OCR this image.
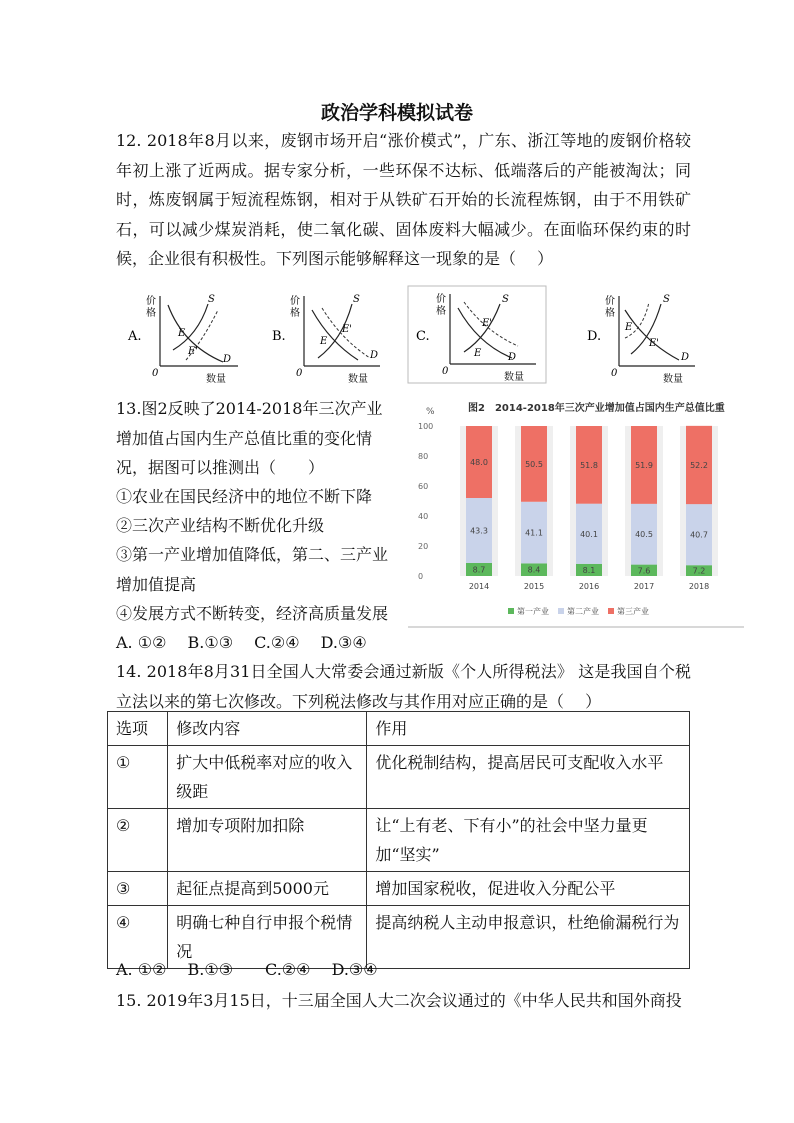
政治学科模拟试卷
12. 2018年8月以来，废钢市场开启“涨价模式”，广东、浙江等地的废钢价格较年初上涨了近两成。据专家分析，一些环保不达标、低端落后的产能被淘汰；同时，炼废钢属于短流程炼钢，相对于从铁矿石开始的长流程炼钢，由于不用铁矿石，可以减少煤炭消耗，使二氧化碳、固体废料大幅减少。在面临环保约束的时候，企业很有积极性。下列图示能够解释这一现象的是（　 ）
A.
价
格
0
数量
S
D
E
E'
B.
价
格
0
数量
S
D
E
E'	C.
价
格
0
数量
S
D
E
E'
D.
价
格
0
数量
S
D
E
E'
13.图2反映了2014-2018年三次产业增加值占国内生产总值比重的变化情况，据图可以推测出（　　）
①农业在国民经济中的地位不断下降
②三次产业结构不断优化升级
③第一产业增加值降低，第二、三产业增加值提高
④发展方式不断转变，经济高质量发展
A. ①②　 B.①③　 C.②④　 D.③④
%	图2　2014-2018年三次产业增加值占国内生产总值比重
0
20
40
60
80
100
8.7
43.3
48.0
2014
8.4
41.1
50.5
2015
8.1
40.1
51.8
2016
7.6
40.5
51.9
2017
7.2
40.7
52.2
2018
第一产业 第二产业 第三产业
14. 2018年8月31日全国人大常委会通过新版《个人所得税法》 这是我国自个税立法以来的第七次修改。下列税法修改与其作用对应正确的是（　 ）
选项	修改内容	作用
①	扩大中低税率对应的收入级距	优化税制结构，提高居民可支配收入水平
②	增加专项附加扣除	让“上有老、下有小”的社会中坚力量更加“坚实”
③	起征点提高到5000元	增加国家税收，促进收入分配公平
④	明确七种自行申报个税情况	提高纳税人主动申报意识，杜绝偷漏税行为
A. ①②　 B.①③　　C.②④　 D.③④
15. 2019年3月15日，十三届全国人大二次会议通过的《中华人民共和国外商投
